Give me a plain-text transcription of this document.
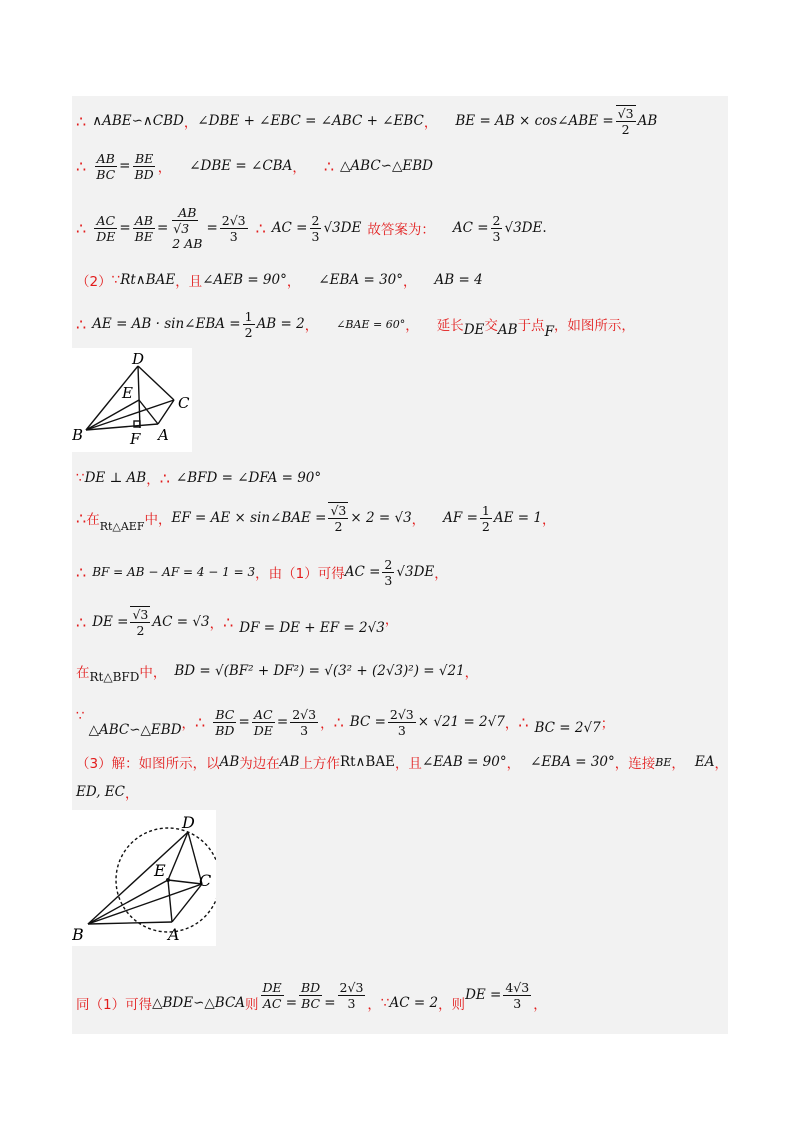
∴ ∧ABE∽∧CBD ， ∠DBE + ∠EBC = ∠ABC + ∠EBC ， BE = AB × cos∠ABE = $\frac{√3}{2}$ AB
∴ $\frac{AB}{BC} = \frac{BE}{BD}$ ， ∠DBE = ∠CBA ， ∴ △ABC∽△EBD
∴ $\frac{AC}{DE} = \frac{AB}{BE}$ =
AB
√3
2 AB
= $\frac{2√3}{3}$ ∴ AC = $\frac{2}{3} √3DE$ 故答案为： AC = $\frac{2}{3} √3DE$ .
（2） ∵ Rt∧BAE ，且 ∠AEB = 90° ， ∠EBA = 30° ， AB = 4
∴ AE = AB · sin∠EBA = $\frac{1}{2}$ AB = 2 ， ∠BAE = 60° ， 延长 DE 交 AB 于点 F ，如图所示，
D
E
C
B	F A
∵ DE ⊥ AB ， ∴ ∠BFD = ∠DFA = 90°
∴ 在 Rt△AEF 中， EF = AE × sin∠BAE = $\frac{√3}{2} \times 2 = √3$ ， AF = $\frac{1}{2}$ AE = 1 ，
∴ BF = AB − AF = 4 − 1 = 3 ，由（1）可得 AC = $\frac{2}{3} √3DE$ ，
∴ DE = $\frac{√3}{2}$ AC = √3 ， ∴ DF = DE + EF = 2√3 ，
在 Rt△BFD 中， BD = √(BF² + DF²) = √(3² + (2√3)²) = √21 ，
∵
△ABC∽△EBD ， ∴ $\frac{BC}{BD} = \frac{AC}{DE} = \frac{2√3}{3}$ ， ∴ BC = $\frac{2√3}{3} \times √21 = 2√7$ ， ∴ BC = 2√7 ；
（3）解：如图所示，以 AB 为边在 AB 上方作 Rt∧BAE ，且 ∠EAB = 90° ， ∠EBA = 30° ，连接 BE ， EA ，
ED, EC ，
D
E
C
B	A
同（1）可得 △BDE∽△BCA 则 $\frac{DE}{AC} = \frac{BD}{BC} = \frac{2√3}{3}$ ， ∵ AC = 2 ，则
DE = $\frac{4√3}{3}$ ，
